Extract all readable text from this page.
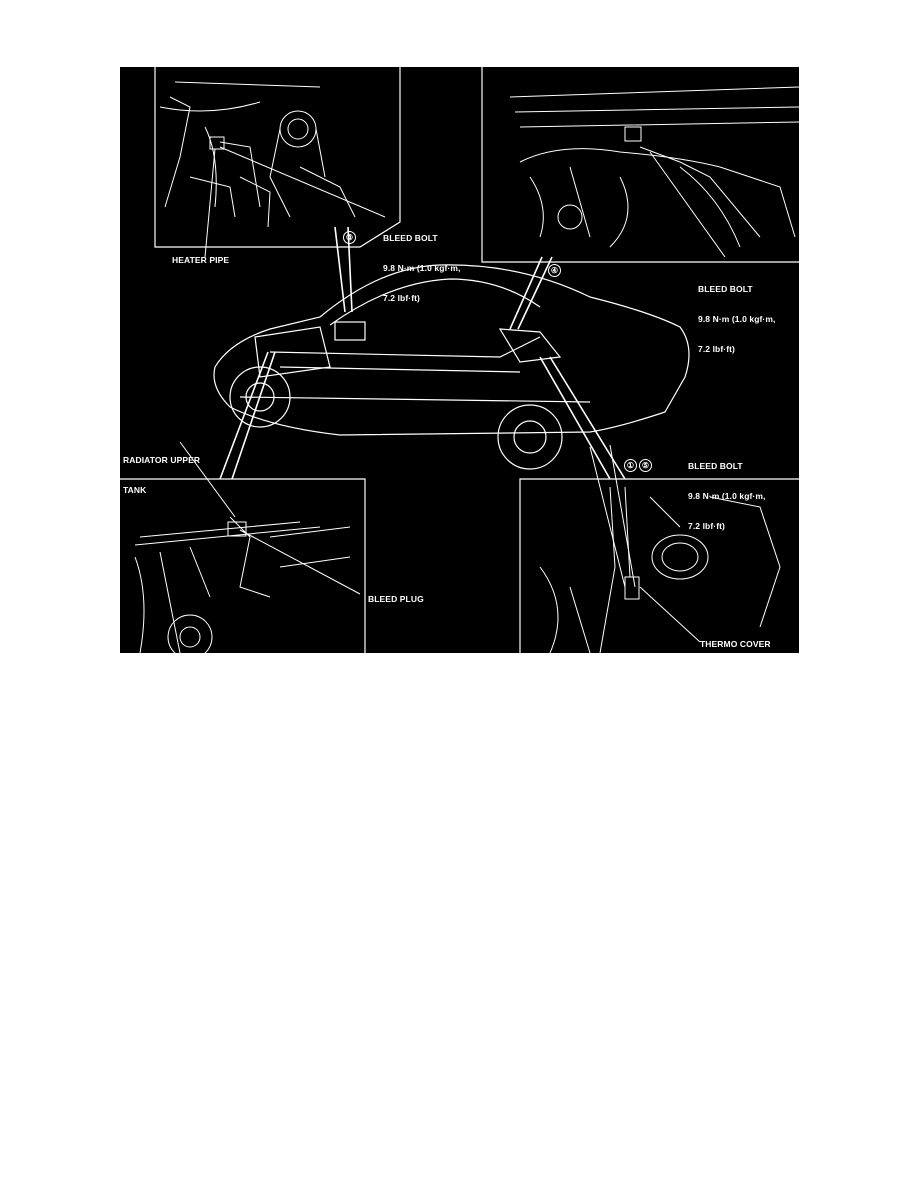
HEATER PIPE

BLEED BOLT

9.8 N·m (1.0 kgf·m,

7.2 lbf·ft)

③
④

BLEED BOLT

9.8 N·m (1.0 kgf·m,

7.2 lbf·ft)

RADIATOR UPPER

TANK

BLEED BOLT

9.8 N·m (1.0 kgf·m,

7.2 lbf·ft)

① ⑤
BLEED PLUG
THERMO COVER
